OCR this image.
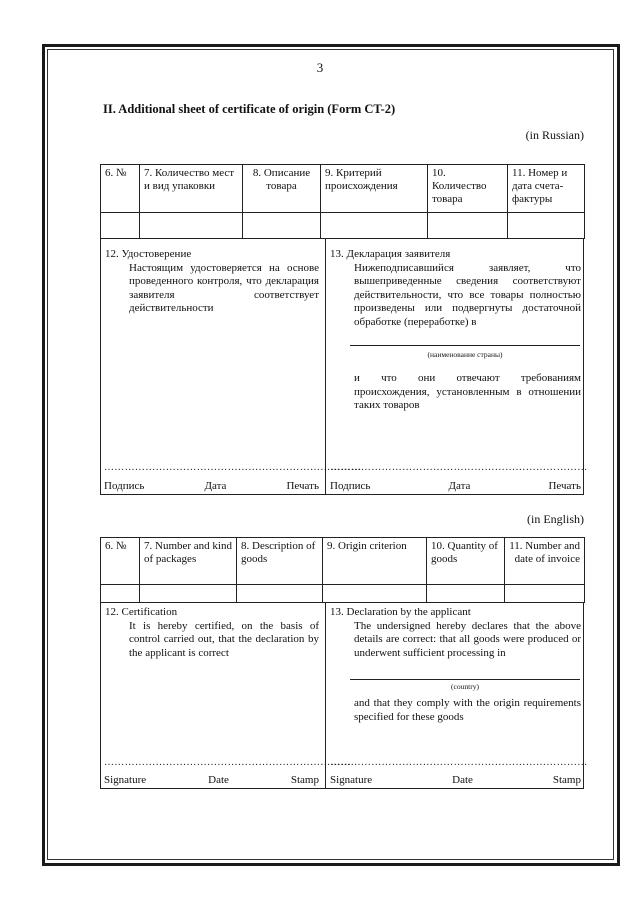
3
II. Additional sheet of certificate of origin (Form CT-2)
(in Russian)
6. №	7. Количество мест и вид упаковки	8. Описание товара	9. Критерий происхождения	10. Количество товара	11. Номер и дата счета-фактуры

12. Удостоверение
Настоящим удостоверяется на основе проведенного контроля, что декларация заявителя соответствует действительности
…………………………………………………………………
Подпись	Дата	Печать
13. Декларация заявителя
Нижеподписавшийся заявляет, что вышеприведенные сведения соответствуют действительности, что все товары полностью произведены или подвергнуты достаточной обработке (переработке) в
(наименование страны)
и что они отвечают требованиям происхождения, установленным в отношении таких товаров
…………………………………………………………………
Подпись	Дата	Печать
(in English)
6. №	7. Number and kind of packages	8. Description of goods	9. Origin criterion	10. Quantity of goods	11. Number and date of invoice

12. Certification
It is hereby certified, on the basis of control carried out, that the declaration by the applicant is correct
………………………………………………………………
Signature	Date	Stamp
13. Declaration by the applicant
The undersigned hereby declares that the above details are correct: that all goods were produced or underwent sufficient processing in
(country)
and that they comply with the origin requirements specified for these goods
…………………………………………………………………
Signature	Date	Stamp
